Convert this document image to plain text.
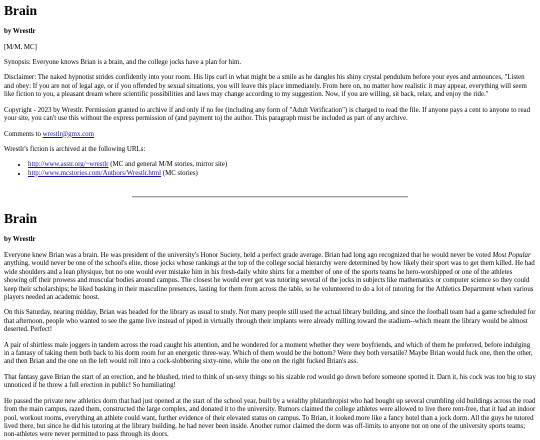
Brain

by Wrestlr

[M/M, MC]

Synopsis: Everyone knows Brian is a brain, and the college jocks have a plan for him.

Disclaimer: The naked hypnotist strides confidently into your room. His lips curl in what might be a smile as he dangles his shiny crystal pendulum before your eyes and announces, "Listen and obey: If you are not of legal age, or if you offended by sexual situations, you will leave this place immediately. From here on, no matter how realistic it may appear, everything will seem like fiction to you, a pleasant dream where scientific possibilities and laws may change according to my suggestion. Now, if you are willing, sit back, relax, and enjoy the ride."

Copyright - 2023 by Wrestlr. Permission granted to archive if and only if no fee (including any form of "Adult Verification") is charged to read the file. If anyone pays a cent to anyone to read your site, you can't use this without the express permission of (and payment to) the author. This paragraph must be included as part of any archive.

Comments to wrestlr@gmx.com

Wrestlr's fiction is archived at the following URLs:

• http://www.asstr.org/~wrestlr (MC and general M/M stories, mirror site)
• http://www.mcstories.com/Authors/Wrestlr.html (MC stories)
Brain

by Wrestlr

Everyone knew Brian was a brain. He was president of the university's Honor Society, held a perfect grade average. Brian had long ago recognized that he would never be voted Most Popular anything, would never be one of the school's elite, those jocks whose rankings at the top of the college social hierarchy were determined by how likely their sport was to get them killed. He had wide shoulders and a lean physique, but no one would ever mistake him in his fresh-daily white shirts for a member of one of the sports teams he hero-worshipped or one of the athletes showing off their prowess and muscular bodies around campus. The closest he would ever get was tutoring several of the jocks in subjects like mathematics or computer science so they could keep their scholarships; he liked basking in their masculine presences, lasting for them from across the table, so he volunteered to do a lot of tutoring for the Athletics Department when various players needed an academic boost.

On this Saturday, nearing midday, Brian was headed for the library as usual to study. Not many people still used the actual library building, and since the football team had a game scheduled for that afternoon, people who wanted to see the game live instead of piped in virtually through their implants were already milling toward the stadium--which meant the library would be almost deserted. Perfect!

A pair of shirtless male joggers in tandem across the road caught his attention, and he wondered for a moment whether they were boyfriends, and which of them he preferred, before indulging in a fantasy of taking them both back to his dorm room for an energetic three-way. Which of them would be the bottom? Were they both versatile? Maybe Brian would fuck one, then the other, and then Brian and the one on the left would roll into a cock-slobbering sixty-nine, while the one on the right fucked Brian's ass.

That fantasy gave Brian the start of an erection, and he blushed, tried to think of un-sexy things so his sizable rod would go down before someone spotted it. Darn it, his cock was too big to stay unnoticed if he threw a full erection in public! So humiliating!

He passed the private new athletics dorm that had just opened at the start of the school year, built by a wealthy philanthropist who had bought up several crumbling old buildings across the road from the main campus, razed them, constructed the large complex, and donated it to the university. Rumors claimed the college athletes were allowed to live there rent-free, that it had an indoor pool, workout rooms, everything an athlete could want, further evidence of their elevated status on campus. To Brian, it looked more like a fancy hotel than a jock dorm. All the guys he tutored lived there, but since he did his tutoring at the library building, he had never been inside. Another rumor claimed the dorm was off-limits to anyone not on one of the university sports teams; non-athletes were never permitted to pass through its doors.
